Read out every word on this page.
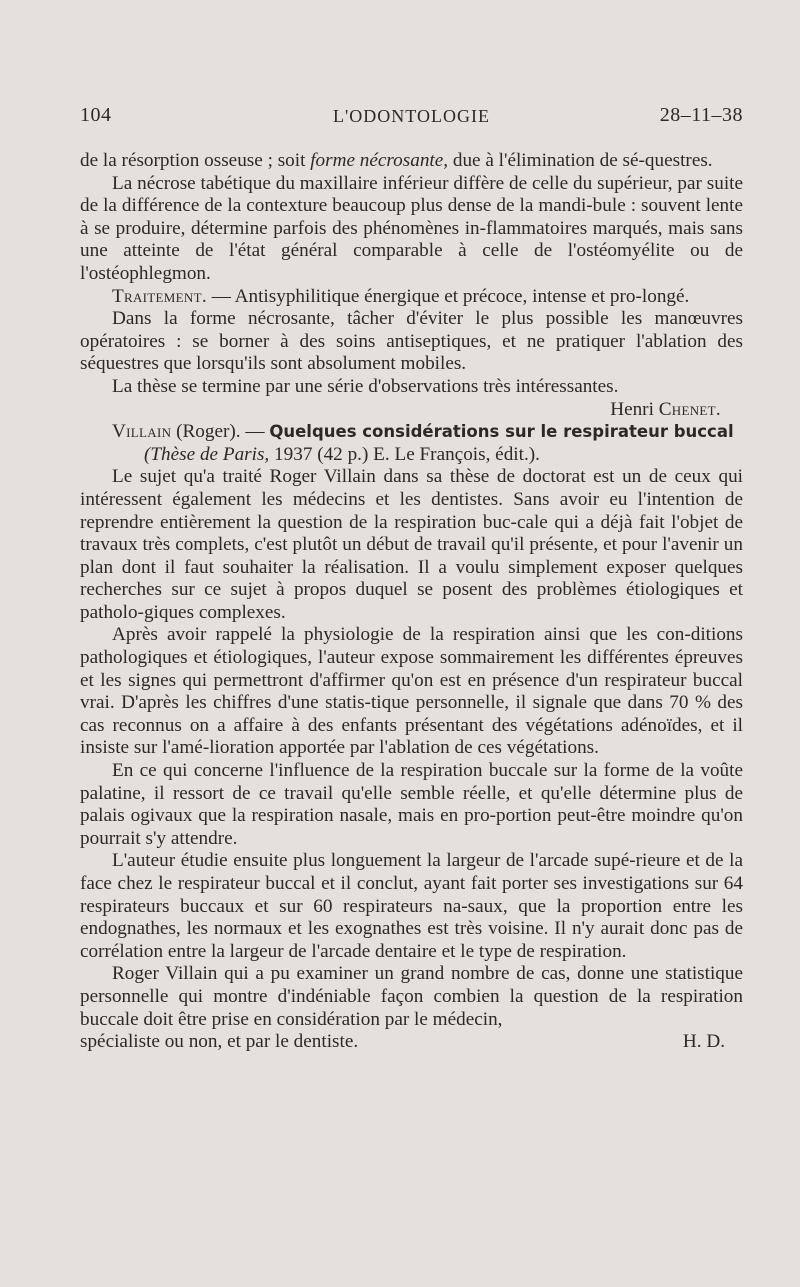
104	L'ODONTOLOGIE	28–11–38

de la résorption osseuse ; soit forme nécrosante, due à l'élimination de sé-questres.

La nécrose tabétique du maxillaire inférieur diffère de celle du supérieur, par suite de la différence de la contexture beaucoup plus dense de la mandi-bule : souvent lente à se produire, détermine parfois des phénomènes in-flammatoires marqués, mais sans une atteinte de l'état général comparable à celle de l'ostéomyélite ou de l'ostéophlegmon.

Traitement. — Antisyphilitique énergique et précoce, intense et pro-longé.

Dans la forme nécrosante, tâcher d'éviter le plus possible les manœuvres opératoires : se borner à des soins antiseptiques, et ne pratiquer l'ablation des séquestres que lorsqu'ils sont absolument mobiles.

La thèse se termine par une série d'observations très intéressantes.

Henri Chenet.

Villain (Roger). — Quelques considérations sur le respirateur buccal
(Thèse de Paris, 1937 (42 p.) E. Le François, édit.).

Le sujet qu'a traité Roger Villain dans sa thèse de doctorat est un de ceux qui intéressent également les médecins et les dentistes. Sans avoir eu l'intention de reprendre entièrement la question de la respiration buc-cale qui a déjà fait l'objet de travaux très complets, c'est plutôt un début de travail qu'il présente, et pour l'avenir un plan dont il faut souhaiter la réalisation. Il a voulu simplement exposer quelques recherches sur ce sujet à propos duquel se posent des problèmes étiologiques et patholo-giques complexes.

Après avoir rappelé la physiologie de la respiration ainsi que les con-ditions pathologiques et étiologiques, l'auteur expose sommairement les différentes épreuves et les signes qui permettront d'affirmer qu'on est en présence d'un respirateur buccal vrai. D'après les chiffres d'une statis-tique personnelle, il signale que dans 70 % des cas reconnus on a affaire à des enfants présentant des végétations adénoïdes, et il insiste sur l'amé-lioration apportée par l'ablation de ces végétations.

En ce qui concerne l'influence de la respiration buccale sur la forme de la voûte palatine, il ressort de ce travail qu'elle semble réelle, et qu'elle détermine plus de palais ogivaux que la respiration nasale, mais en pro-portion peut-être moindre qu'on pourrait s'y attendre.

L'auteur étudie ensuite plus longuement la largeur de l'arcade supé-rieure et de la face chez le respirateur buccal et il conclut, ayant fait porter ses investigations sur 64 respirateurs buccaux et sur 60 respirateurs na-saux, que la proportion entre les endognathes, les normaux et les exognathes est très voisine. Il n'y aurait donc pas de corrélation entre la largeur de l'arcade dentaire et le type de respiration.

Roger Villain qui a pu examiner un grand nombre de cas, donne une statistique personnelle qui montre d'indéniable façon combien la question de la respiration buccale doit être prise en considération par le médecin,

spécialiste ou non, et par le dentiste.	H. D.
